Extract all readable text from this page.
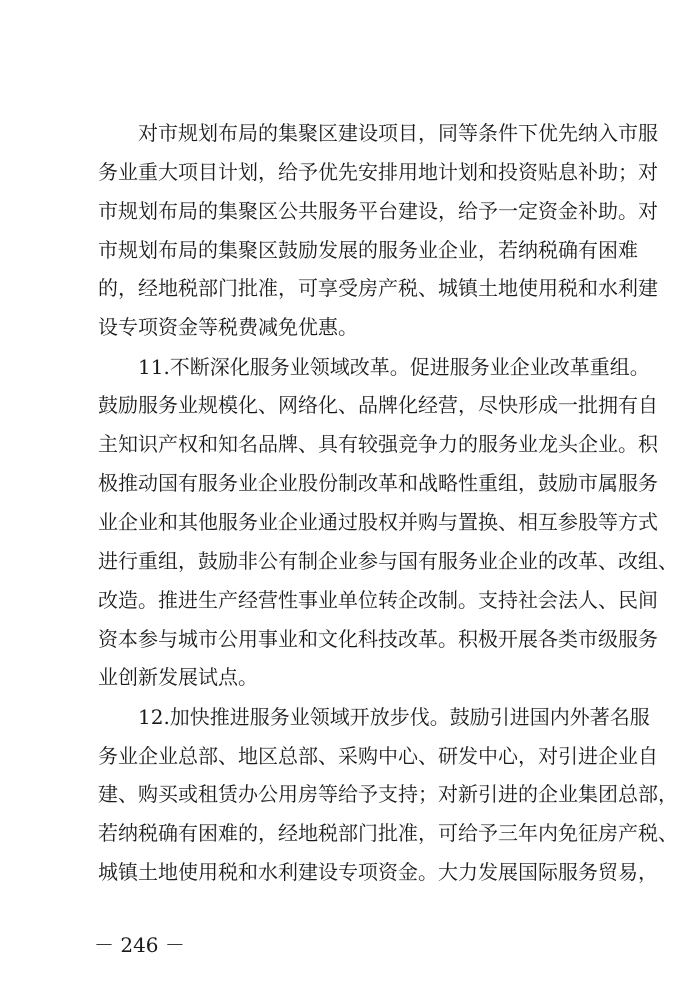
　　对市规划布局的集聚区建设项目，同等条件下优先纳入市服
务业重大项目计划，给予优先安排用地计划和投资贴息补助；对
市规划布局的集聚区公共服务平台建设，给予一定资金补助。对
市规划布局的集聚区鼓励发展的服务业企业，若纳税确有困难
的，经地税部门批准，可享受房产税、城镇土地使用税和水利建
设专项资金等税费减免优惠。
　　11.不断深化服务业领域改革。促进服务业企业改革重组。
鼓励服务业规模化、网络化、品牌化经营，尽快形成一批拥有自
主知识产权和知名品牌、具有较强竞争力的服务业龙头企业。积
极推动国有服务业企业股份制改革和战略性重组，鼓励市属服务
业企业和其他服务业企业通过股权并购与置换、相互参股等方式
进行重组，鼓励非公有制企业参与国有服务业企业的改革、改组、
改造。推进生产经营性事业单位转企改制。支持社会法人、民间
资本参与城市公用事业和文化科技改革。积极开展各类市级服务
业创新发展试点。
　　12.加快推进服务业领域开放步伐。鼓励引进国内外著名服
务业企业总部、地区总部、采购中心、研发中心，对引进企业自
建、购买或租赁办公用房等给予支持；对新引进的企业集团总部，
若纳税确有困难的，经地税部门批准，可给予三年内免征房产税、
城镇土地使用税和水利建设专项资金。大力发展国际服务贸易，
－ 246 －
